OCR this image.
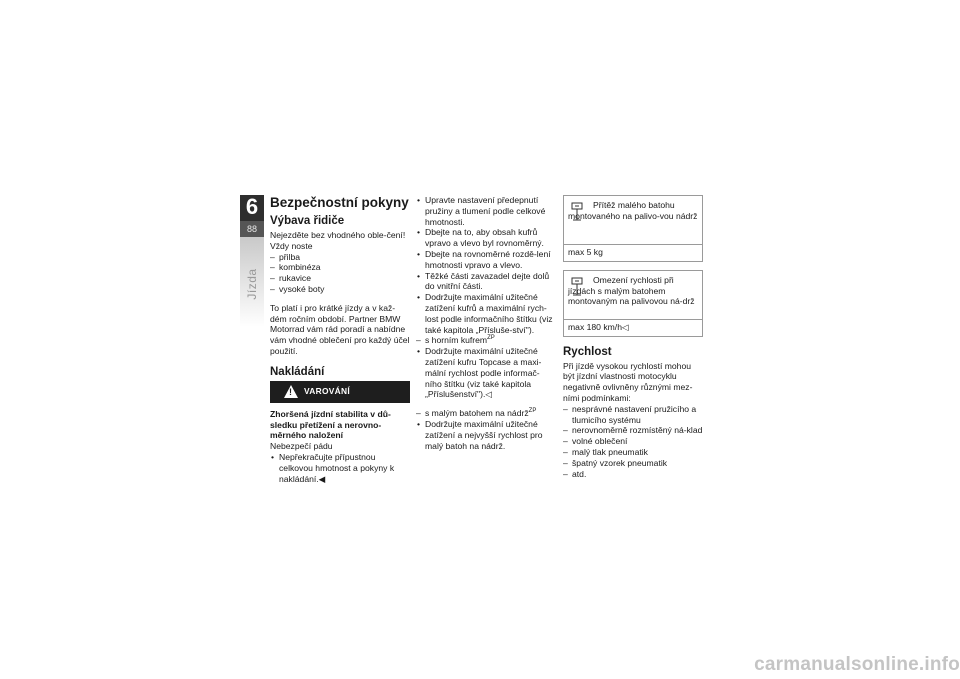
6
88
Jízda
Bezpečnostní pokyny
Výbava řidiče

Nejezděte bez vhodného oble-čení! Vždy noste

– přilba
– kombinéza
– rukavice
– vysoké boty

To platí i pro krátké jízdy a v kaž-dém ročním období. Partner BMW Motorrad vám rád poradí a nabídne vám vhodné oblečení pro každý účel použití.

Nakládání
!
VAROVÁNÍ

Zhoršená jízdní stabilita v dů-sledku přetížení a nerovno-měrného naložení

Nebezpečí pádu

• Nepřekračujte přípustnou celkovou hmotnost a pokyny k nakládání.◀
• Upravte nastavení předepnutí pružiny a tlumení podle celkové hmotnosti.
• Dbejte na to, aby obsah kufrů vpravo a vlevo byl rovnoměrný.
• Dbejte na rovnoměrné rozdě-lení hmotnosti vpravo a vlevo.
• Těžké části zavazadel dejte dolů do vnitřní části.
• Dodržujte maximální užitečné zatížení kufrů a maximální rych-lost podle informačního štítku (viz také kapitola „Přísluše-ství").
– s horním kufrem$^{ZP}$
• Dodržujte maximální užitečné zatížení kufru Topcase a maxi-mální rychlost podle informač-ního štítku (viz také kapitola „Příslušenství").◁
– s malým batohem na nádrž$^{ZP}$
• Dodržujte maximální užitečné zatížení a nejvyšší rychlost pro malý batoh na nádrž.
Přítěž malého batohu montovaného na palivo-vou nádrž
max 5 kg
Omezení rychlosti při jízdách s malým batohem montovaným na palivovou ná-drž
max 180 km/h◁
Rychlost

Při jízdě vysokou rychlostí mohou být jízdní vlastnosti motocyklu negativně ovlivněny různými mez-ními podmínkami:

– nesprávné nastavení pružicího a tlumicího systému
– nerovnoměrně rozmístěný ná-klad
– volné oblečení
– malý tlak pneumatik
– špatný vzorek pneumatik
– atd.
carmanualsonline.info
